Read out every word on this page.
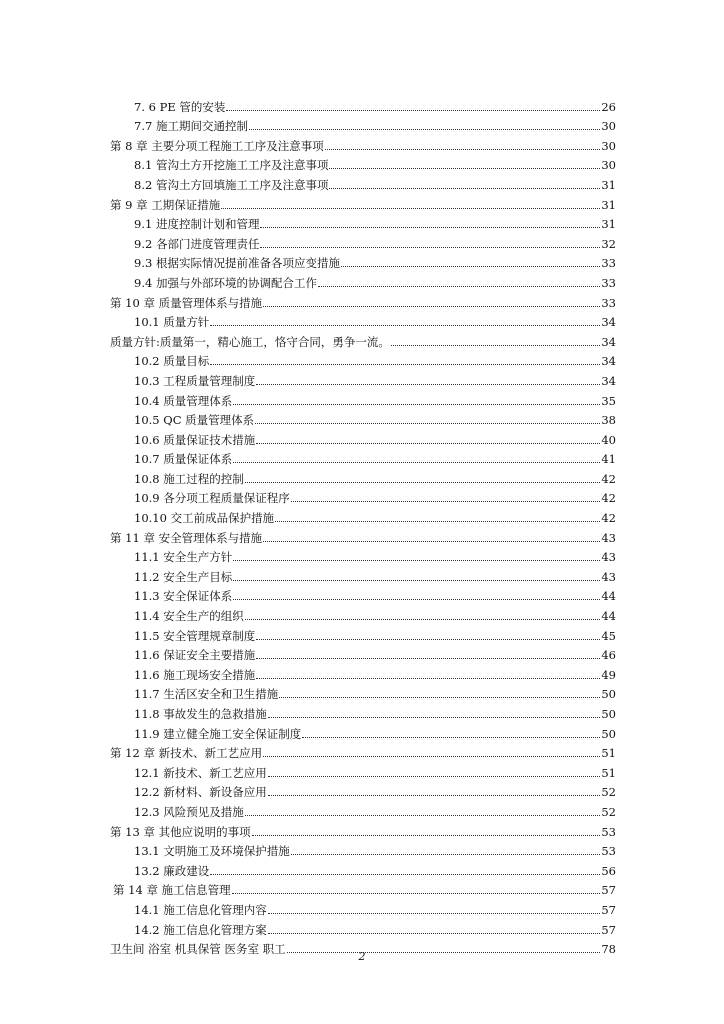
7. 6 PE 管的安装	26
7.7 施工期间交通控制	30
第 8 章 主要分项工程施工工序及注意事项	30
8.1 管沟土方开挖施工工序及注意事项	30
8.2 管沟土方回填施工工序及注意事项	31
第 9 章 工期保证措施	31
9.1 进度控制计划和管理	31
9.2 各部门进度管理责任	32
9.3 根据实际情况提前准备各项应变措施	33
9.4 加强与外部环境的协调配合工作	33
第 10 章 质量管理体系与措施	33
10.1 质量方针	34
质量方针:质量第一，精心施工，恪守合同，勇争一流。	34
10.2 质量目标	34
10.3 工程质量管理制度	34
10.4 质量管理体系	35
10.5 QC 质量管理体系	38
10.6 质量保证技术措施	40
10.7 质量保证体系	41
10.8 施工过程的控制	42
10.9 各分项工程质量保证程序	42
10.10 交工前成品保护措施	42
第 11 章 安全管理体系与措施	43
11.1 安全生产方针	43
11.2 安全生产目标	43
11.3 安全保证体系	44
11.4 安全生产的组织	44
11.5 安全管理规章制度	45
11.6 保证安全主要措施	46
11.6 施工现场安全措施	49
11.7 生活区安全和卫生措施	50
11.8 事故发生的急救措施	50
11.9 建立健全施工安全保证制度	50
第 12 章 新技术、新工艺应用	51
12.1 新技术、新工艺应用	51
12.2 新材料、新设备应用	52
12.3 风险预见及措施	52
第 13 章 其他应说明的事项	53
13.1 文明施工及环境保护措施	53
13.2 廉政建设	56
第 14 章 施工信息管理	57
14.1 施工信息化管理内容	57
14.2 施工信息化管理方案	57
卫生间 浴室 机具保管 医务室 职工	78
2
